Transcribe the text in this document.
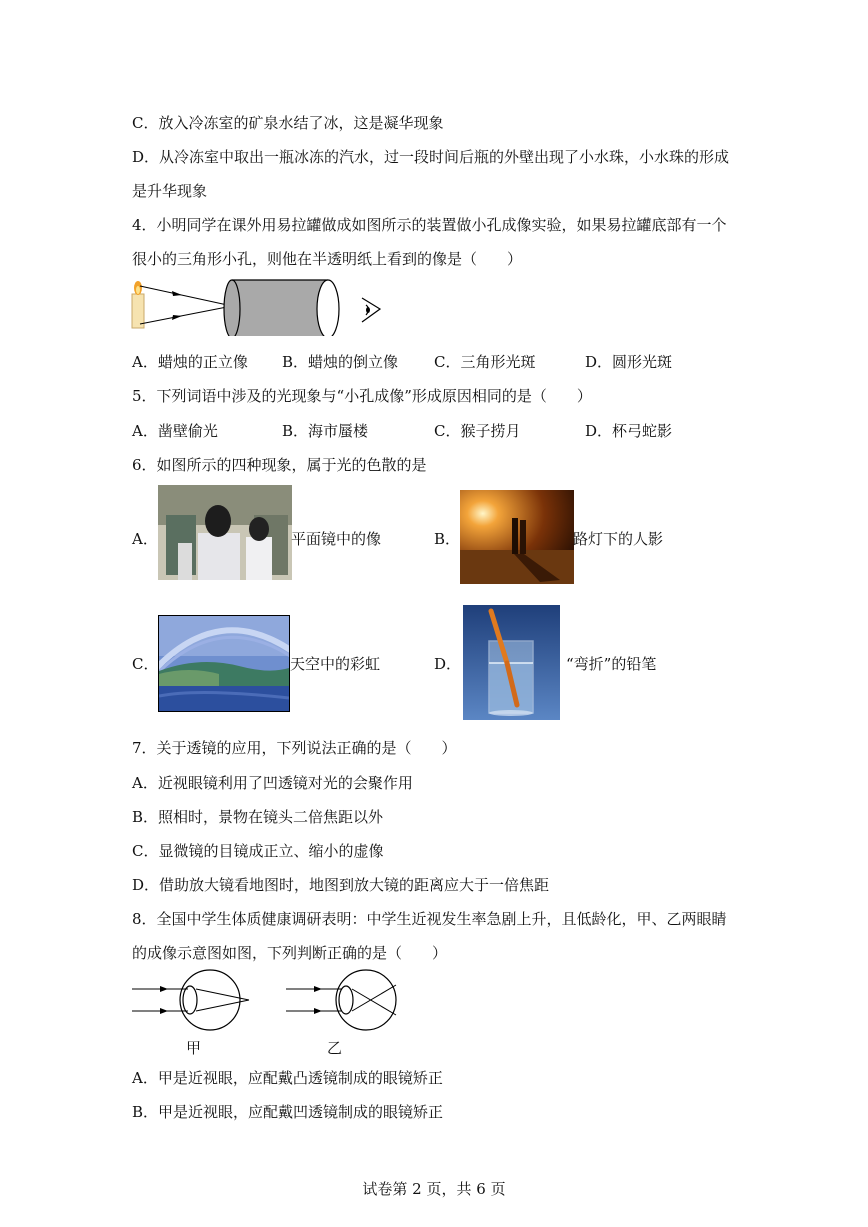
C．放入冷冻室的矿泉水结了冰，这是凝华现象
D．从冷冻室中取出一瓶冰冻的汽水，过一段时间后瓶的外壁出现了小水珠，小水珠的形成
是升华现象
4．小明同学在课外用易拉罐做成如图所示的装置做小孔成像实验，如果易拉罐底部有一个
很小的三角形小孔，则他在半透明纸上看到的像是（　　）
A．蜡烛的正立像 B．蜡烛的倒立像 C．三角形光斑	D．圆形光斑
5．下列词语中涉及的光现象与“小孔成像”形成原因相同的是（　　）
A．凿壁偷光	B．海市蜃楼	C．猴子捞月	D．杯弓蛇影
6．如图所示的四种现象，属于光的色散的是
A．	平面镜中的像	B．	路灯下的人影
C．	天空中的彩虹	D．	“弯折”的铅笔
7．关于透镜的应用，下列说法正确的是（　　）
A．近视眼镜利用了凹透镜对光的会聚作用
B．照相时，景物在镜头二倍焦距以外
C．显微镜的目镜成正立、缩小的虚像
D．借助放大镜看地图时，地图到放大镜的距离应大于一倍焦距
8．全国中学生体质健康调研表明：中学生近视发生率急剧上升，且低龄化，甲、乙两眼睛
的成像示意图如图，下列判断正确的是（　　）
甲	乙
A．甲是近视眼，应配戴凸透镜制成的眼镜矫正
B．甲是近视眼，应配戴凹透镜制成的眼镜矫正
试卷第 2 页，共 6 页
